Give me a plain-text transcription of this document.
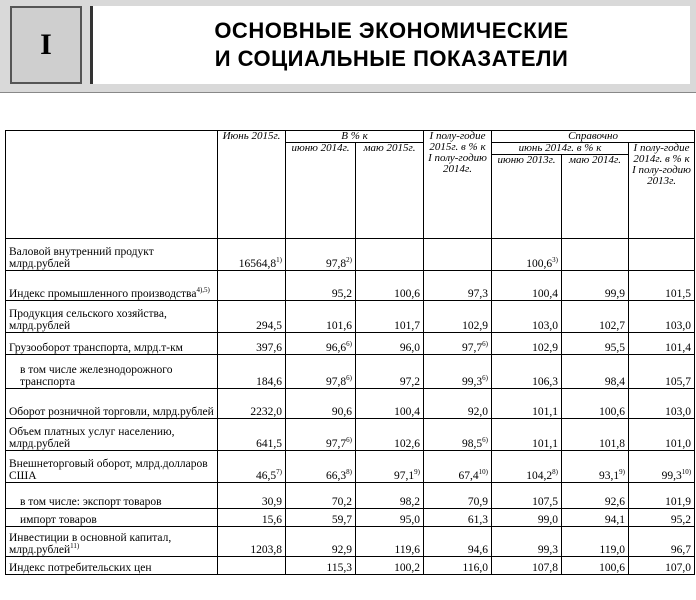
I	ОСНОВНЫЕ ЭКОНОМИЧЕСКИЕ
И СОЦИАЛЬНЫЕ ПОКАЗАТЕЛИ
	Июнь 2015г.	В % к		I полу-годие 2015г. в % к I полу-годию 2014г.	Справочно		
		июню 2014г.	маю 2015г.		июнь 2014г. в % к		I полу-годие 2014г. в % к I полу-годию 2013г.
					июню 2013г.	маю 2014г.	
Валовой внутренний продукт млрд.рублей	16564,8$^{1)}$	97,8$^{2)}$			100,6$^{3)}$		
Индекс промышленного производства$^{4),5)}$		95,2	100,6	97,3	100,4	99,9	101,5
Продукция сельского хозяйства, млрд.рублей	294,5	101,6	101,7	102,9	103,0	102,7	103,0
Грузооборот транспорта, млрд.т-км	397,6	96,6$^{6)}$	96,0	97,7$^{6)}$	102,9	95,5	101,4
в том числе железнодорожного транспорта	184,6	97,8$^{6)}$	97,2	99,3$^{6)}$	106,3	98,4	105,7
Оборот розничной торговли, млрд.рублей	2232,0	90,6	100,4	92,0	101,1	100,6	103,0
Объем платных услуг населению, млрд.рублей	641,5	97,7$^{6)}$	102,6	98,5$^{6)}$	101,1	101,8	101,0
Внешнеторговый оборот, млрд.долларов США	46,5$^{7)}$	66,3$^{8)}$	97,1$^{9)}$	67,4$^{10)}$	104,2$^{8)}$	93,1$^{9)}$	99,3$^{10)}$
в том числе: экспорт товаров	30,9	70,2	98,2	70,9	107,5	92,6	101,9
импорт товаров	15,6	59,7	95,0	61,3	99,0	94,1	95,2
Инвестиции в основной капитал, млрд.рублей$^{11)}$	1203,8	92,9	119,6	94,6	99,3	119,0	96,7
Индекс потребительских цен		115,3	100,2	116,0	107,8	100,6	107,0
